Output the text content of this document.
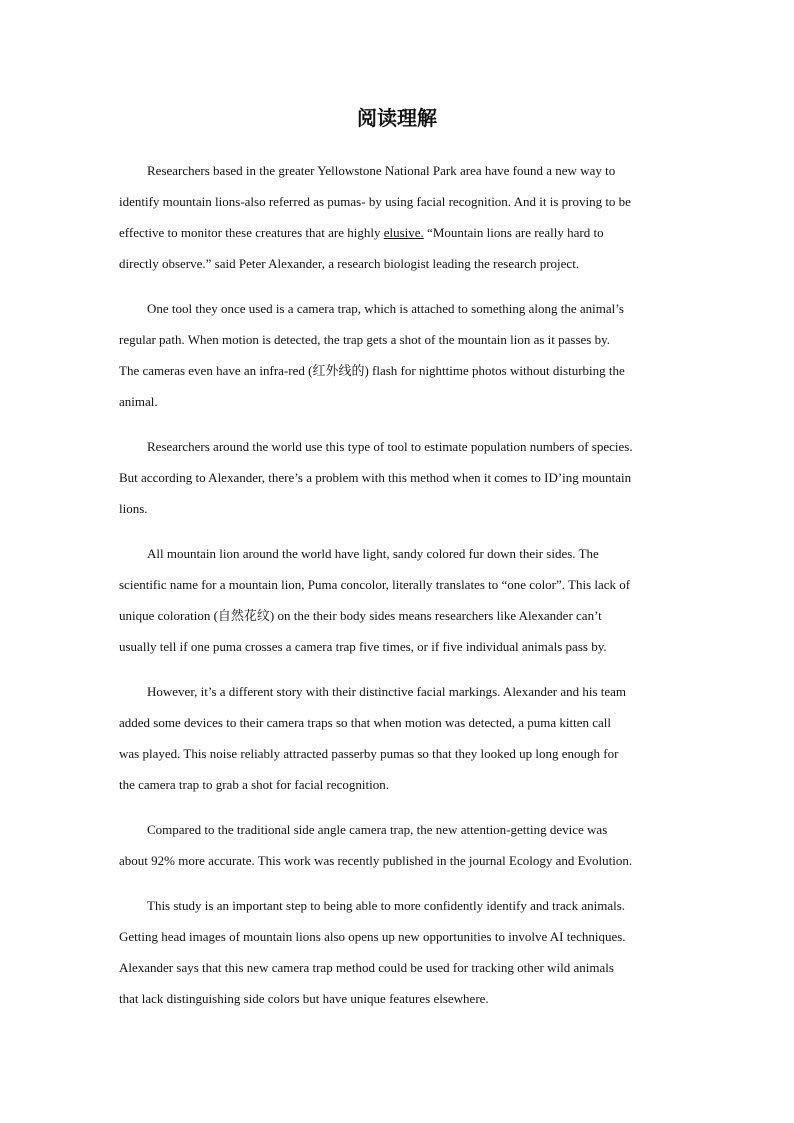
阅读理解

Researchers based in the greater Yellowstone National Park area have found a new way to
identify mountain lions-also referred as pumas- by using facial recognition. And it is proving to be
effective to monitor these creatures that are highly elusive. “Mountain lions are really hard to
directly observe.” said Peter Alexander, a research biologist leading the research project.

One tool they once used is a camera trap, which is attached to something along the animal’s
regular path. When motion is detected, the trap gets a shot of the mountain lion as it passes by.
The cameras even have an infra-red (红外线的) flash for nighttime photos without disturbing the
animal.

Researchers around the world use this type of tool to estimate population numbers of species.
But according to Alexander, there’s a problem with this method when it comes to ID’ing mountain
lions.

All mountain lion around the world have light, sandy colored fur down their sides. The
scientific name for a mountain lion, Puma concolor, literally translates to “one color”. This lack of
unique coloration (自然花纹) on the their body sides means researchers like Alexander can’t
usually tell if one puma crosses a camera trap five times, or if five individual animals pass by.

However, it’s a different story with their distinctive facial markings. Alexander and his team
added some devices to their camera traps so that when motion was detected, a puma kitten call
was played. This noise reliably attracted passerby pumas so that they looked up long enough for
the camera trap to grab a shot for facial recognition.

Compared to the traditional side angle camera trap, the new attention-getting device was
about 92% more accurate. This work was recently published in the journal Ecology and Evolution.

This study is an important step to being able to more confidently identify and track animals.
Getting head images of mountain lions also opens up new opportunities to involve AI techniques.
Alexander says that this new camera trap method could be used for tracking other wild animals
that lack distinguishing side colors but have unique features elsewhere.
